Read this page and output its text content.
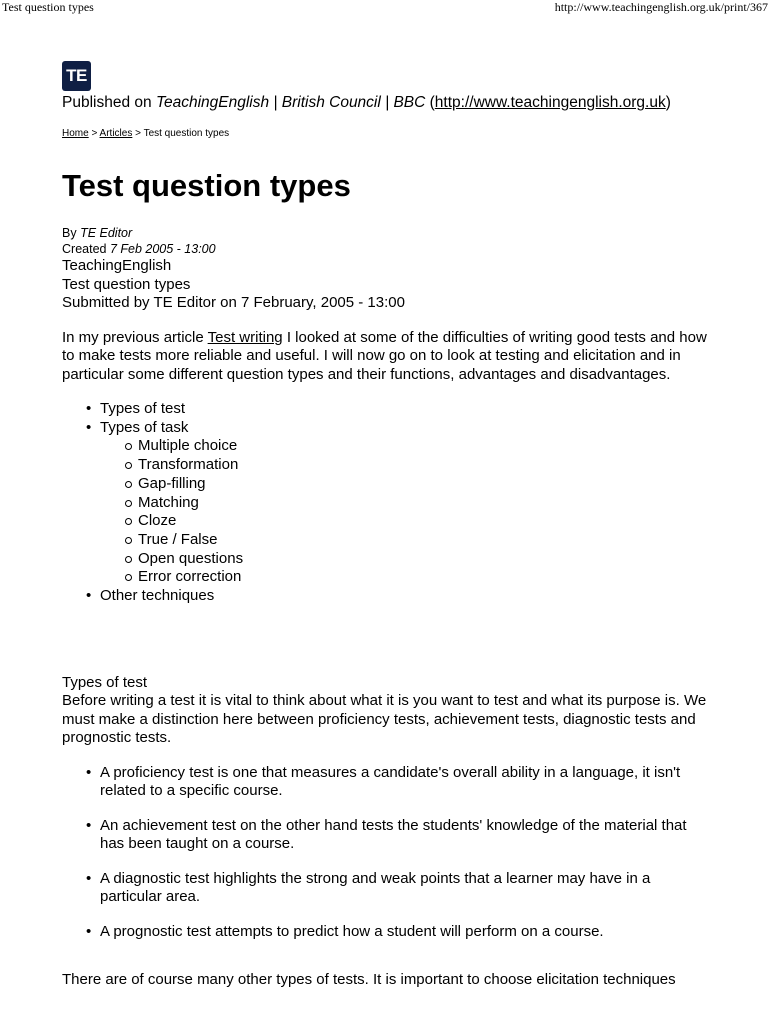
Test question types	http://www.teachingenglish.org.uk/print/367
TE
Published on TeachingEnglish | British Council | BBC (http://www.teachingenglish.org.uk)
Home > Articles > Test question types
Test question types
By TE Editor
Created 7 Feb 2005 - 13:00
TeachingEnglish
Test question types
Submitted by TE Editor on 7 February, 2005 - 13:00

In my previous article Test writing I looked at some of the difficulties of writing good tests and how to make tests more reliable and useful. I will now go on to look at testing and elicitation and in particular some different question types and their functions, advantages and disadvantages.

• Types of test
• Types of task
Multiple choice
Transformation
Gap-filling
Matching
Cloze
True / False
Open questions
Error correction
• Other techniques

Types of test

Before writing a test it is vital to think about what it is you want to test and what its purpose is. We must make a distinction here between proficiency tests, achievement tests, diagnostic tests and prognostic tests.

• A proficiency test is one that measures a candidate's overall ability in a language, it isn't related to a specific course.
• An achievement test on the other hand tests the students' knowledge of the material that has been taught on a course.
• A diagnostic test highlights the strong and weak points that a learner may have in a particular area.
• A prognostic test attempts to predict how a student will perform on a course.

There are of course many other types of tests. It is important to choose elicitation techniques
